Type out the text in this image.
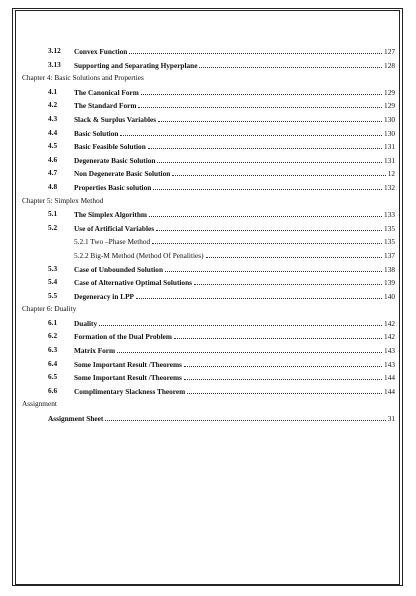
3.12 Convex Function	127
3.13 Supporting and Separating Hyperplane	128
Chapter 4: Basic Solutions and Properties
4.1 The Canonical Form	129
4.2 The Standard Form	129
4.3 Slack & Surplus Variables	130
4.4 Basic Solution	130
4.5 Basic Feasible Solution	131
4.6 Degenerate Basic Solution	131
4.7 Non Degenerate Basic Solution	12
4.8 Properties Basic solution	132
Chapter 5: Simplex Method
5.1 The Simplex Algorithm	133
5.2 Use of Artificial Variables	135
5.2.1 Two –Phase Method	135
5.2.2 Big-M Method (Method Of Penalities)	137
5.3 Case of Unbounded Solution	138
5.4 Case of Alternative Optimal Solutions	139
5.5 Degeneracy in LPP	140
Chapter 6: Duality
6.1 Duality	142
6.2 Formation of the Dual Problem	142
6.3 Matrix Form	143
6.4 Some Important Result /Theorems	143
6.5 Some Important Result /Theorems	144
6.6 Complimentary Slackness Theorem	144
Assignment
Assignment Sheet	31
